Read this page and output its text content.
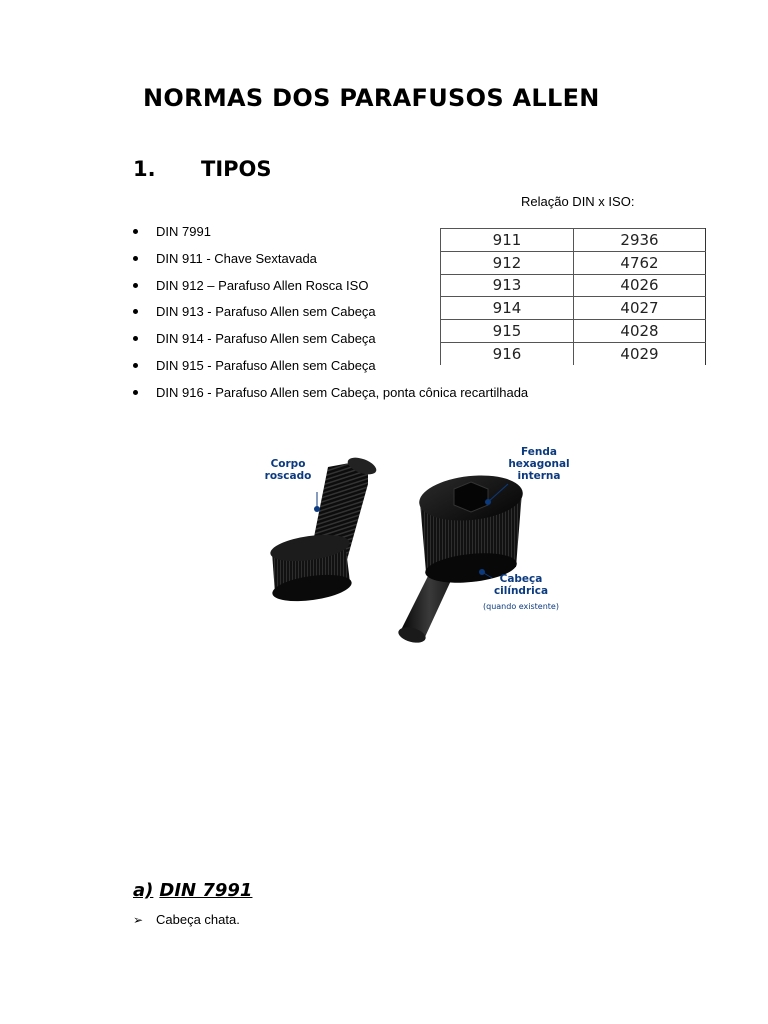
NORMAS DOS PARAFUSOS ALLEN
1. TIPOS
Relação DIN x ISO:
DIN 7991
DIN 911 - Chave Sextavada
DIN 912 – Parafuso Allen Rosca ISO
DIN 913 - Parafuso Allen sem Cabeça
DIN 914 - Parafuso Allen sem Cabeça
DIN 915 - Parafuso Allen sem Cabeça
DIN 916 - Parafuso Allen sem Cabeça, ponta cônica recartilhada
911	2936
912	4762
913	4026
914	4027
915	4028
916	4029
Corpo
roscado
Fenda
hexagonal
interna
Cabeça
cilíndrica
(quando existente)
a) DIN 7991
➢ Cabeça chata.
